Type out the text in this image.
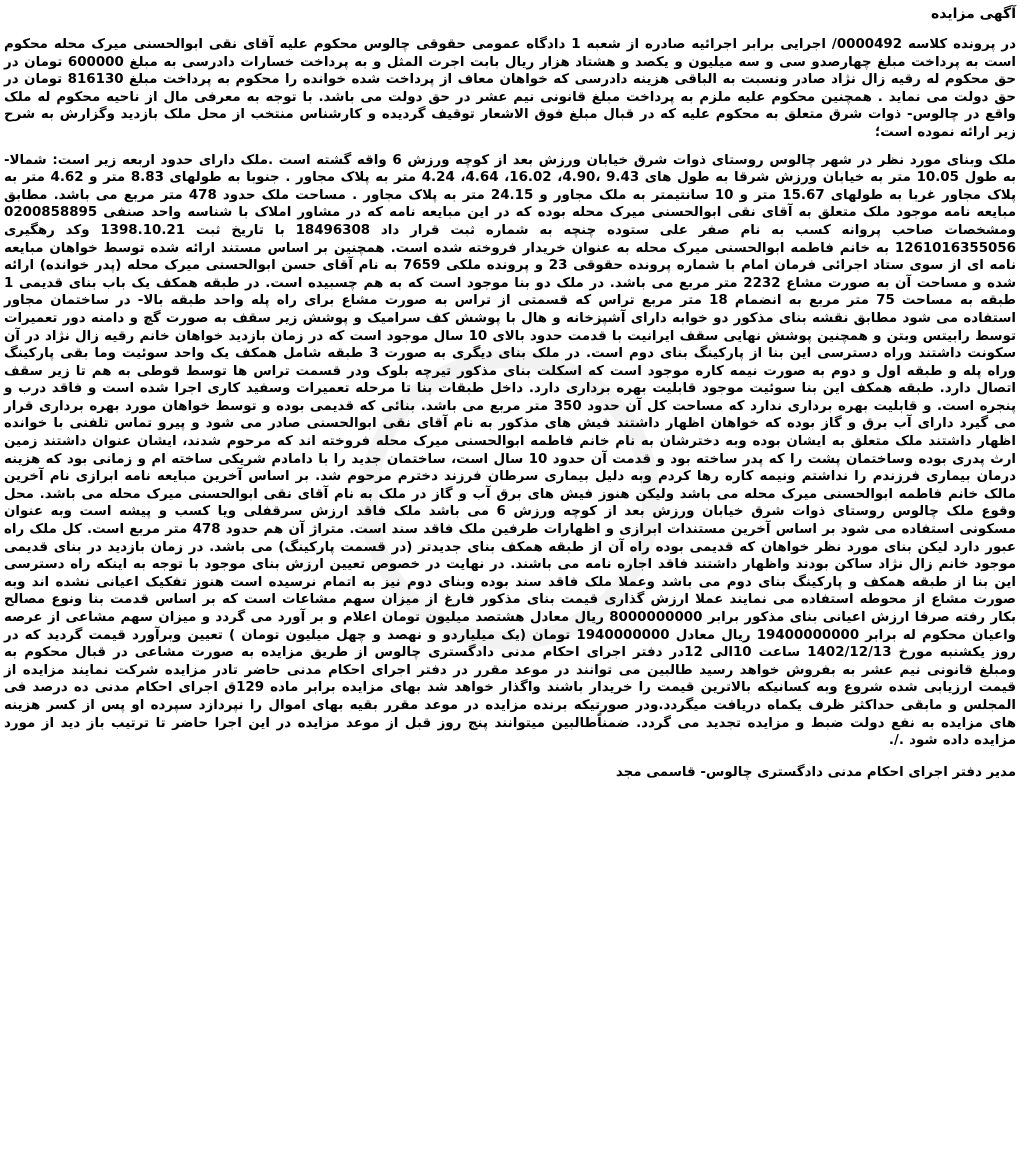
آگهی مزایده

در پرونده کلاسه 0000492/ اجرایی برابر اجرائیه صادره از شعبه 1 دادگاه عمومی حقوقی چالوس محکوم علیه آقای نقی ابوالحسنی میرک محله محکوم است به پرداخت مبلغ چهارصدو سی و سه میلیون و یکصد و هشتاد هزار ریال بابت اجرت المثل و به پرداخت خسارات دادرسی به مبلغ 600000 تومان در حق محکوم له رقیه زال نژاد صادر ونسبت به الباقی هزینه دادرسی که خواهان معاف از پرداخت شده خوانده را محکوم به پرداخت مبلغ 816130 تومان در حق دولت می نماید . همچنین محکوم علیه ملزم به پرداخت مبلغ قانونی نیم عشر در حق دولت می باشد. با توجه به معرفی مال از ناحیه محکوم له ملک واقع در چالوس- ذوات شرق متعلق به محکوم علیه که در قبال مبلغ فوق الاشعار توقیف گردیده و کارشناس منتخب از محل ملک بازدید وگزارش به شرح زیر ارائه نموده است؛

ملک وبنای مورد نظر در شهر چالوس روستای ذوات شرق خیابان ورزش بعد از کوچه ورزش 6 واقه گشته است .ملک دارای حدود اربعه زیر است: شمالا- به طول 10.05 متر به خیابان ورزش شرقا به طول های 9.43 ،4.90، 16.02، 4.64، 4.24 متر به پلاک مجاور . جنوبا به طولهای 8.83 متر و 4.62 متر به پلاک مجاور غربا به طولهای 15.67 متر و 10 سانتیمتر به ملک مجاور و 24.15 متر به پلاک مجاور . مساحت ملک حدود 478 متر مربع می باشد. مطابق مبایعه نامه موجود ملک متعلق به آقای نقی ابوالحسنی میرک محله بوده که در این مبایعه نامه که در مشاور املاک با شناسه واحد صنفی 0200858895 ومشخصات صاحب پروانه کسب به نام صفر علی ستوده چنچه به شماره ثبت قرار داد 18496308 با تاریخ ثبت 1398.10.21 وکد رهگیری 1261016355056 به خانم فاطمه ابوالحسنی میرک محله به عنوان خریدار فروخته شده است. همچنین بر اساس مستند ارائه شده توسط خواهان مبایعه نامه ای از سوی ستاد اجرائی فرمان امام با شماره پرونده حقوقی 23 و پرونده ملکی 7659 به نام آقای حسن ابوالحسنی میرک محله (پدر خوانده) ارائه شده و مساحت آن به صورت مشاع 2232 متر مربع می باشد. در ملک دو بنا موجود است که به هم چسبیده است. در طبقه همکف یک باب بنای قدیمی 1 طبقه به مساحت 75 متر مربع به انضمام 18 متر مربع تراس که قسمتی از تراس به صورت مشاع برای راه پله واحد طبقه بالا- در ساختمان مجاور استفاده می شود مطابق نقشه بنای مذکور دو خوابه دارای آشپزخانه و هال با پوشش کف سرامیک و پوشش زیر سقف به صورت گچ و دامنه دور تعمیرات توسط رابیتس وبتن و همچنین پوشش نهایی سقف ایرانیت با قدمت حدود بالای 10 سال موجود است که در زمان بازدید خواهان خانم رقیه زال نژاد در آن سکونت داشتند وراه دسترسی این بنا از پارکینگ بنای دوم است. در ملک بنای دیگری به صورت 3 طبقه شامل همکف یک واحد سوئیت وما بقی پارکینگ وراه پله و طبقه اول و دوم به صورت نیمه کاره موجود است که اسکلت بنای مذکور تیرچه بلوک ودر قسمت تراس ها توسط قوطی به هم تا زیر سقف اتصال دارد. طبقه همکف این بنا سوئیت موجود قابلیت بهره برداری دارد. داخل طبقات بنا تا مرحله تعمیرات وسفید کاری اجرا شده است و فاقد درب و پنجره است. و قابلیت بهره برداری ندارد که مساحت کل آن حدود 350 متر مربع می باشد. بنائی که قدیمی بوده و توسط خواهان مورد بهره برداری قرار می گیرد دارای آب برق و گاز بوده که خواهان اظهار داشتند فیش های مذکور به نام آقای نقی ابوالحسنی صادر می شود و پیرو تماس تلفنی با خوانده اظهار داشتند ملک متعلق به ایشان بوده وبه دخترشان به نام خانم فاطمه ابوالحسنی میرک محله فروخته اند که مرحوم شدند، ایشان عنوان داشتند زمین ارث پدری بوده وساختمان پشت را که پدر ساخته بود و قدمت آن حدود 10 سال است، ساختمان جدید را با دامادم شریکی ساخته ام و زمانی بود که هزینه درمان بیماری فرزندم را نداشتم ونیمه کاره رها کردم وبه دلیل بیماری سرطان فرزند دخترم مرحوم شد. بر اساس آخرین مبایعه نامه ابرازی نام آخرین مالک خانم فاطمه ابوالحسنی میرک محله می باشد ولیکن هنوز فیش های برق آب و گاز در ملک به نام آقای نقی ابوالحسنی میرک محله می باشد. محل وقوع ملک چالوس روستای ذوات شرق خیابان ورزش بعد از کوچه ورزش 6 می باشد ملک فاقد ارزش سرقفلی ویا کسب و پیشه است وبه عنوان مسکونی استفاده می شود بر اساس آخرین مستندات ابرازی و اظهارات طرفین ملک فاقد سند است. متراژ آن هم حدود 478 متر مربع است. کل ملک راه عبور دارد لیکن بنای مورد نظر خواهان که قدیمی بوده راه آن از طبقه همکف بنای جدیدتر (در قسمت پارکینگ) می باشد. در زمان بازدید در بنای قدیمی موجود خانم زال نژاد ساکن بودند واظهار داشتند فاقد اجاره نامه می باشند. در نهایت در خصوص تعیین ارزش بنای موجود با توجه به اینکه راه دسترسی این بنا از طبقه همکف و پارکینگ بنای دوم می باشد وعملا ملک فاقد سند بوده وبنای دوم نیز به اتمام نرسیده است هنوز تفکیک اعیانی نشده اند وبه صورت مشاع از محوطه استفاده می نمایند عملا ارزش گذاری قیمت بنای مذکور فارغ از میزان سهم مشاعات است که بر اساس قدمت بنا ونوع مصالح بکار رفته صرفا ارزش اعیانی بنای مذکور برابر 8000000000 ریال معادل هشتصد میلیون تومان اعلام و بر آورد می گردد و میزان سهم مشاعی از عرصه واعیان محکوم له برابر 19400000000 ریال معادل 1940000000 تومان (یک میلیاردو و نهصد و چهل میلیون تومان ) تعیین وبرآورد قیمت گردید که در روز یکشنبه مورخ 1402/12/13 ساعت 10الی 12در دفتر اجرای احکام مدنی دادگستری چالوس از طریق مزایده به صورت مشاعی در قبال محکوم به ومبلغ قانونی نیم عشر به بفروش خواهد رسید طالبین می توانند در موعد مقرر در دفتر اجرای احکام مدنی حاضر تادر مزایده شرکت نمایند مزایده از قیمت ارزیابی شده شروع وبه کسانیکه بالاترین قیمت را خریدار باشند واگذار خواهد شد بهای مزایده برابر ماده 129ق اجرای احکام مدنی ده درصد فی المجلس و مابقی حداکثر ظرف یکماه دریافت میگردد.ودر صورتیکه برنده مزایده در موعد مقرر بقیه بهای اموال را نپردازد سپرده او پس از کسر هزینه های مزایده به نفع دولت ضبط و مزایده تجدید می گردد. ضمناًطالبین میتوانند پنج روز قبل از موعد مزایده در این اجرا حاضر تا ترتیب باز دید از مورد مزایده داده شود ./.

مدیر دفتر اجرای احکام مدنی دادگستری چالوس- قاسمی مجد
